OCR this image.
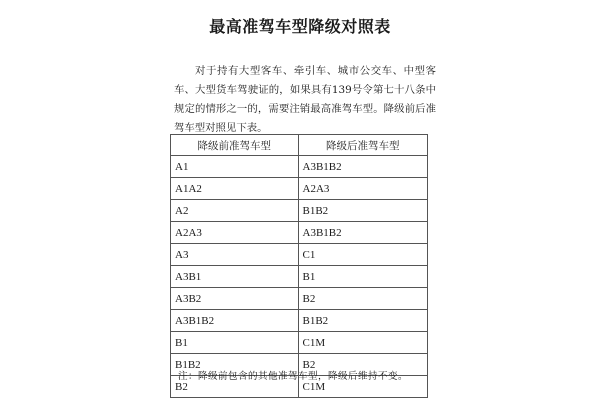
最高准驾车型降级对照表
对于持有大型客车、牵引车、城市公交车、中型客车、大型货车驾驶证的，如果具有139号令第七十八条中规定的情形之一的，需要注销最高准驾车型。降级前后准驾车型对照见下表。
降级前准驾车型	降级后准驾车型
A1	A3B1B2
A1A2	A2A3
A2	B1B2
A2A3	A3B1B2
A3	C1
A3B1	B1
A3B2	B2
A3B1B2	B1B2
B1	C1M
B1B2	B2
B2	C1M
注：降级前包含的其他准驾车型，降级后维持不变。
